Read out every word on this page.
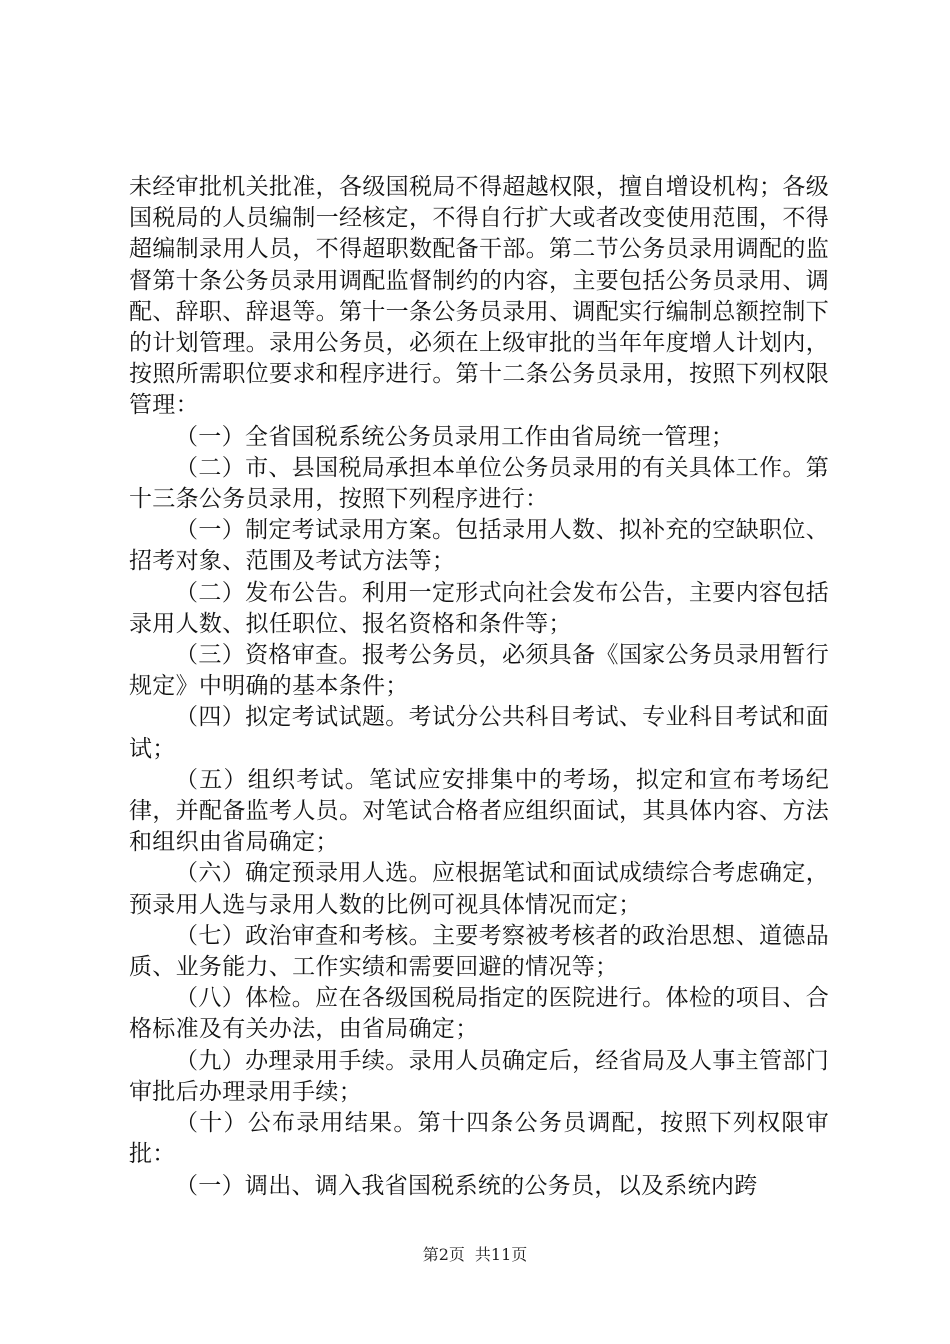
未经审批机关批准，各级国税局不得超越权限，擅自增设机构；各级国税局的人员编制一经核定，不得自行扩大或者改变使用范围，不得超编制录用人员，不得超职数配备干部。第二节公务员录用调配的监督第十条公务员录用调配监督制约的内容，主要包括公务员录用、调配、辞职、辞退等。第十一条公务员录用、调配实行编制总额控制下的计划管理。录用公务员，必须在上级审批的当年年度增人计划内，按照所需职位要求和程序进行。第十二条公务员录用，按照下列权限管理：

（一）全省国税系统公务员录用工作由省局统一管理；

（二）市、县国税局承担本单位公务员录用的有关具体工作。第十三条公务员录用，按照下列程序进行：

（一）制定考试录用方案。包括录用人数、拟补充的空缺职位、招考对象、范围及考试方法等；

（二）发布公告。利用一定形式向社会发布公告，主要内容包括录用人数、拟任职位、报名资格和条件等；

（三）资格审查。报考公务员，必须具备《国家公务员录用暂行规定》中明确的基本条件；

（四）拟定考试试题。考试分公共科目考试、专业科目考试和面试；

（五）组织考试。笔试应安排集中的考场，拟定和宣布考场纪律，并配备监考人员。对笔试合格者应组织面试，其具体内容、方法和组织由省局确定；

（六）确定预录用人选。应根据笔试和面试成绩综合考虑确定，预录用人选与录用人数的比例可视具体情况而定；

（七）政治审查和考核。主要考察被考核者的政治思想、道德品质、业务能力、工作实绩和需要回避的情况等；

（八）体检。应在各级国税局指定的医院进行。体检的项目、合格标准及有关办法，由省局确定；

（九）办理录用手续。录用人员确定后，经省局及人事主管部门审批后办理录用手续；

（十）公布录用结果。第十四条公务员调配，按照下列权限审批：

（一）调出、调入我省国税系统的公务员，以及系统内跨

第2页 共11页
